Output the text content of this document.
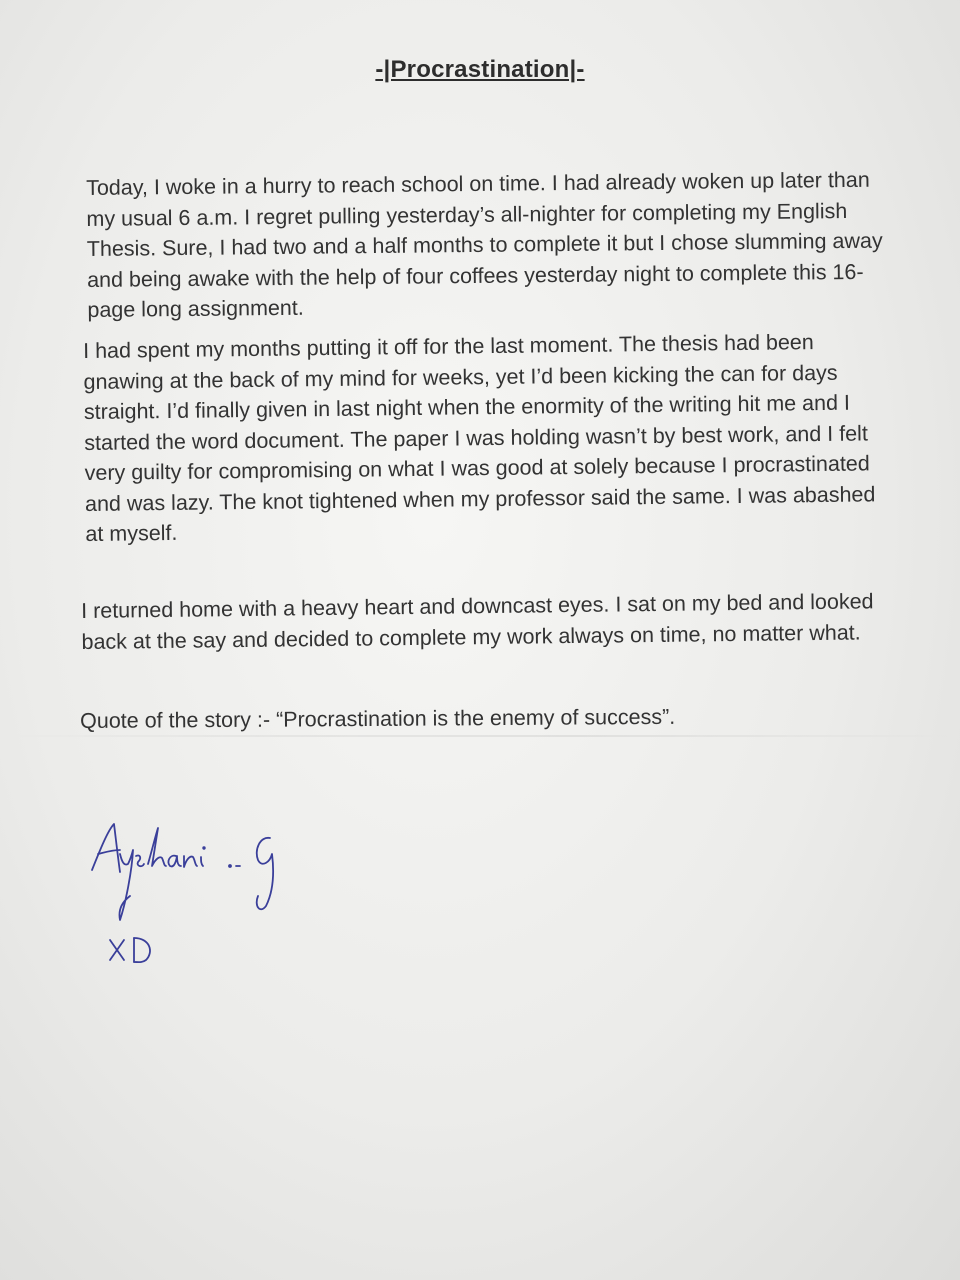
-|Procrastination|-

Today, I woke in a hurry to reach school on time. I had already woken up later than my usual 6 a.m. I regret pulling yesterday’s all-nighter for completing my English Thesis. Sure, I had two and a half months to complete it but I chose slumming away and being awake with the help of four coffees yesterday night to complete this 16-page long assignment.

I had spent my months putting it off for the last moment. The thesis had been gnawing at the back of my mind for weeks, yet I’d been kicking the can for days straight. I’d finally given in last night when the enormity of the writing hit me and I started the word document. The paper I was holding wasn’t by best work, and I felt very guilty for compromising on what I was good at solely because I procrastinated and was lazy. The knot tightened when my professor said the same. I was abashed at myself.

I returned home with a heavy heart and downcast eyes. I sat on my bed and looked back at the say and decided to complete my work always on time, no matter what.

Quote of the story :- “Procrastination is the enemy of success”.
